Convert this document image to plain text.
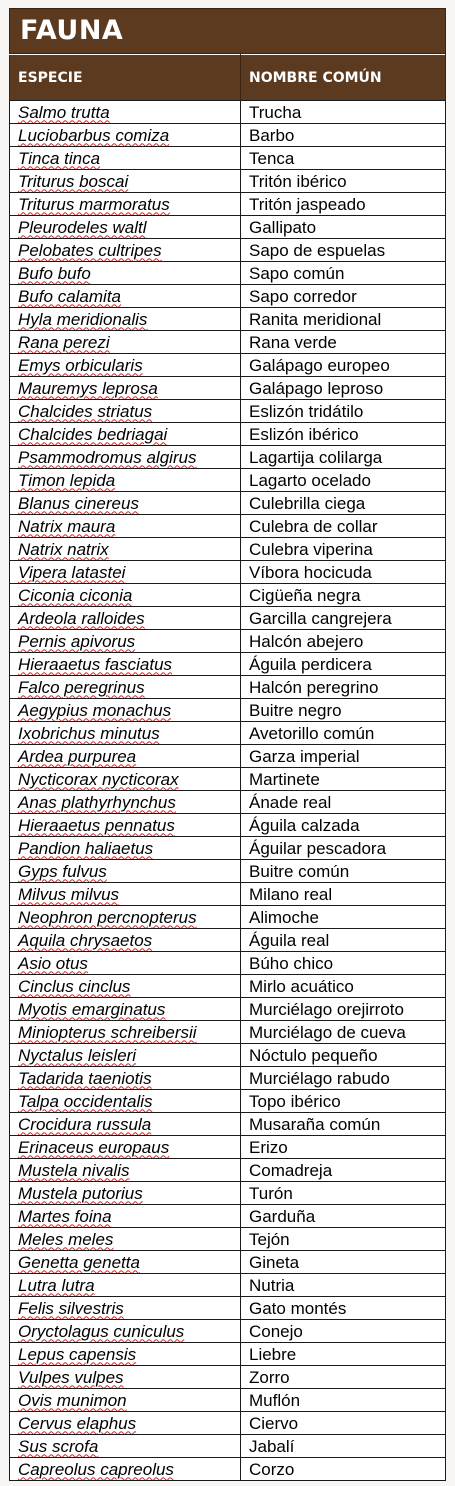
FAUNA
ESPECIE	NOMBRE COMÚN
Salmo trutta	Trucha
Luciobarbus comiza	Barbo
Tinca tinca	Tenca
Triturus boscai	Tritón ibérico
Triturus marmoratus	Tritón jaspeado
Pleurodeles waltl	Gallipato
Pelobates cultripes	Sapo de espuelas
Bufo bufo	Sapo común
Bufo calamita	Sapo corredor
Hyla meridionalis	Ranita meridional
Rana perezi	Rana verde
Emys orbicularis	Galápago europeo
Mauremys leprosa	Galápago leproso
Chalcides striatus	Eslizón tridátilo
Chalcides bedriagai	Eslizón ibérico
Psammodromus algirus	Lagartija colilarga
Timon lepida	Lagarto ocelado
Blanus cinereus	Culebrilla ciega
Natrix maura	Culebra de collar
Natrix natrix	Culebra viperina
Vipera latastei	Víbora hocicuda
Ciconia ciconia	Cigüeña negra
Ardeola ralloides	Garcilla cangrejera
Pernis apivorus	Halcón abejero
Hieraaetus fasciatus	Águila perdicera
Falco peregrinus	Halcón peregrino
Aegypius monachus	Buitre negro
Ixobrichus minutus	Avetorillo común
Ardea purpurea	Garza imperial
Nycticorax nycticorax	Martinete
Anas plathyrhynchus	Ánade real
Hieraaetus pennatus	Águila calzada
Pandion haliaetus	Águilar pescadora
Gyps fulvus	Buitre común
Milvus milvus	Milano real
Neophron percnopterus	Alimoche
Aquila chrysaetos	Águila real
Asio otus	Búho chico
Cinclus cinclus	Mirlo acuático
Myotis emarginatus	Murciélago orejirroto
Miniopterus schreibersii	Murciélago de cueva
Nyctalus leisleri	Nóctulo pequeño
Tadarida taeniotis	Murciélago rabudo
Talpa occidentalis	Topo ibérico
Crocidura russula	Musaraña común
Erinaceus europaus	Erizo
Mustela nivalis	Comadreja
Mustela putorius	Turón
Martes foina	Garduña
Meles meles	Tejón
Genetta genetta	Gineta
Lutra lutra	Nutria
Felis silvestris	Gato montés
Oryctolagus cuniculus	Conejo
Lepus capensis	Liebre
Vulpes vulpes	Zorro
Ovis munimon	Muflón
Cervus elaphus	Ciervo
Sus scrofa	Jabalí
Capreolus capreolus	Corzo
